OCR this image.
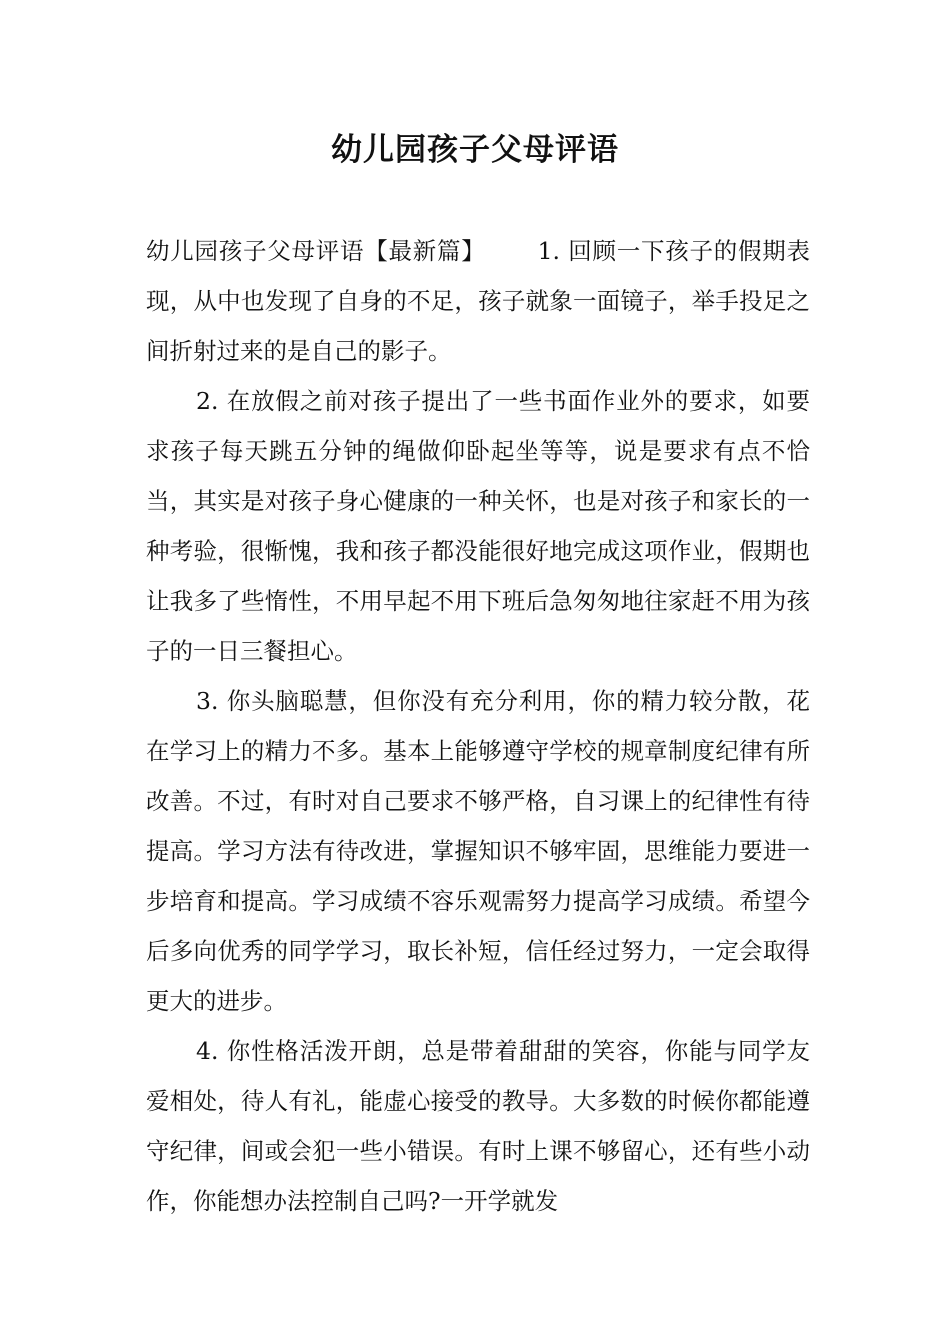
幼儿园孩子父母评语

幼儿园孩子父母评语【最新篇】 1. 回顾一下孩子的假期表现，从中也发现了自身的不足，孩子就象一面镜子，举手投足之间折射过来的是自己的影子。

2. 在放假之前对孩子提出了一些书面作业外的要求，如要求孩子每天跳五分钟的绳做仰卧起坐等等，说是要求有点不恰当，其实是对孩子身心健康的一种关怀，也是对孩子和家长的一种考验，很惭愧，我和孩子都没能很好地完成这项作业，假期也让我多了些惰性，不用早起不用下班后急匆匆地往家赶不用为孩子的一日三餐担心。

3. 你头脑聪慧，但你没有充分利用，你的精力较分散，花在学习上的精力不多。基本上能够遵守学校的规章制度纪律有所改善。不过，有时对自己要求不够严格，自习课上的纪律性有待提高。学习方法有待改进，掌握知识不够牢固，思维能力要进一步培育和提高。学习成绩不容乐观需努力提高学习成绩。希望今后多向优秀的同学学习，取长补短，信任经过努力，一定会取得更大的进步。

4. 你性格活泼开朗，总是带着甜甜的笑容，你能与同学友爱相处，待人有礼，能虚心接受的教导。大多数的时候你都能遵守纪律，间或会犯一些小错误。有时上课不够留心，还有些小动作，你能想办法控制自己吗?一开学就发
